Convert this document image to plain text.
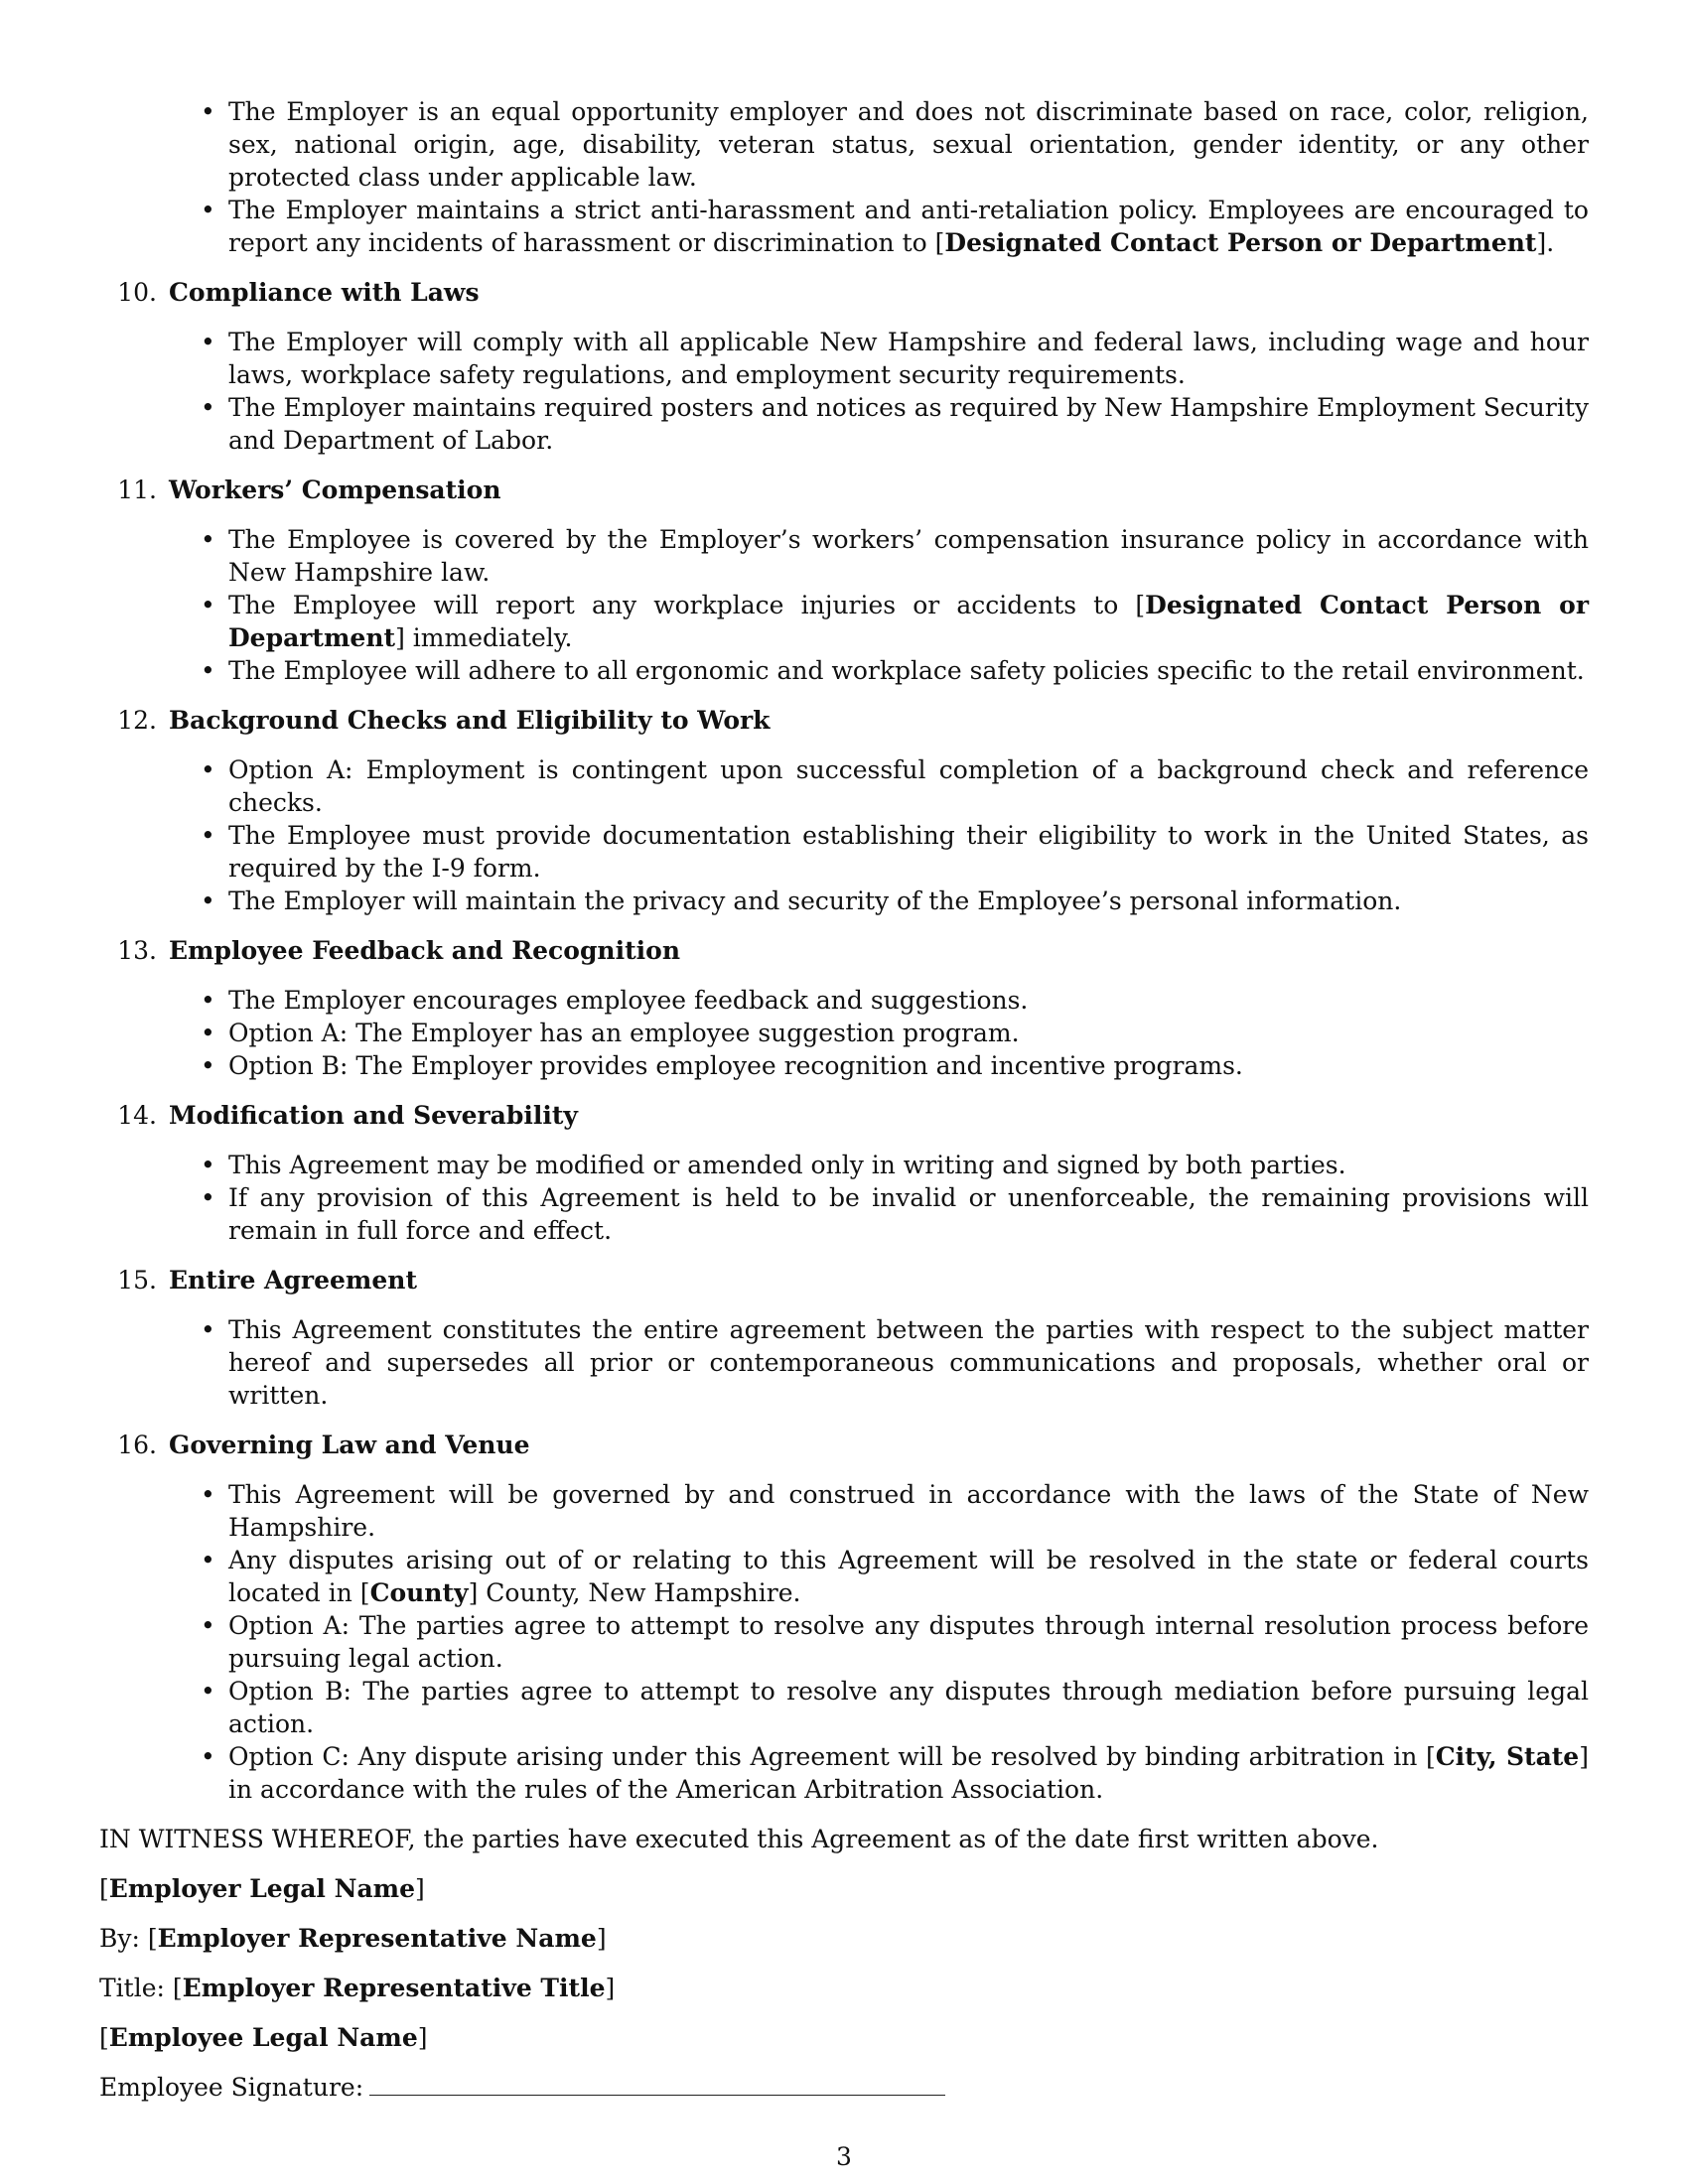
• The Employer is an equal opportunity employer and does not discriminate based on race, color, religion, sex, national origin, age, disability, veteran status, sexual orientation, gender identity, or any other protected class under applicable law.
• The Employer maintains a strict anti-harassment and anti-retaliation policy. Employees are encouraged to report any incidents of harassment or discrimination to [Designated Contact Person or Department].
10. Compliance with Laws
• The Employer will comply with all applicable New Hampshire and federal laws, including wage and hour laws, workplace safety regulations, and employment security requirements.
• The Employer maintains required posters and notices as required by New Hampshire Employment Security and Department of Labor.
11. Workers’ Compensation
• The Employee is covered by the Employer’s workers’ compensation insurance policy in accordance with New Hampshire law.
• The Employee will report any workplace injuries or accidents to [Designated Contact Person or Department] immediately.
• The Employee will adhere to all ergonomic and workplace safety policies specific to the retail environment.
12. Background Checks and Eligibility to Work
• Option A: Employment is contingent upon successful completion of a background check and reference checks.
• The Employee must provide documentation establishing their eligibility to work in the United States, as required by the I-9 form.
• The Employer will maintain the privacy and security of the Employee’s personal information.
13. Employee Feedback and Recognition
• The Employer encourages employee feedback and suggestions.
• Option A: The Employer has an employee suggestion program.
• Option B: The Employer provides employee recognition and incentive programs.
14. Modification and Severability
• This Agreement may be modified or amended only in writing and signed by both parties.
• If any provision of this Agreement is held to be invalid or unenforceable, the remaining provisions will remain in full force and effect.
15. Entire Agreement
• This Agreement constitutes the entire agreement between the parties with respect to the subject matter hereof and supersedes all prior or contemporaneous communications and proposals, whether oral or written.
16. Governing Law and Venue
• This Agreement will be governed by and construed in accordance with the laws of the State of New Hampshire.
• Any disputes arising out of or relating to this Agreement will be resolved in the state or federal courts located in [County] County, New Hampshire.
• Option A: The parties agree to attempt to resolve any disputes through internal resolution process before pursuing legal action.
• Option B: The parties agree to attempt to resolve any disputes through mediation before pursuing legal action.
• Option C: Any dispute arising under this Agreement will be resolved by binding arbitration in [City, State] in accordance with the rules of the American Arbitration Association.

IN WITNESS WHEREOF, the parties have executed this Agreement as of the date first written above.

[Employer Legal Name]

By: [Employer Representative Name]

Title: [Employer Representative Title]

[Employee Legal Name]

Employee Signature:

3
